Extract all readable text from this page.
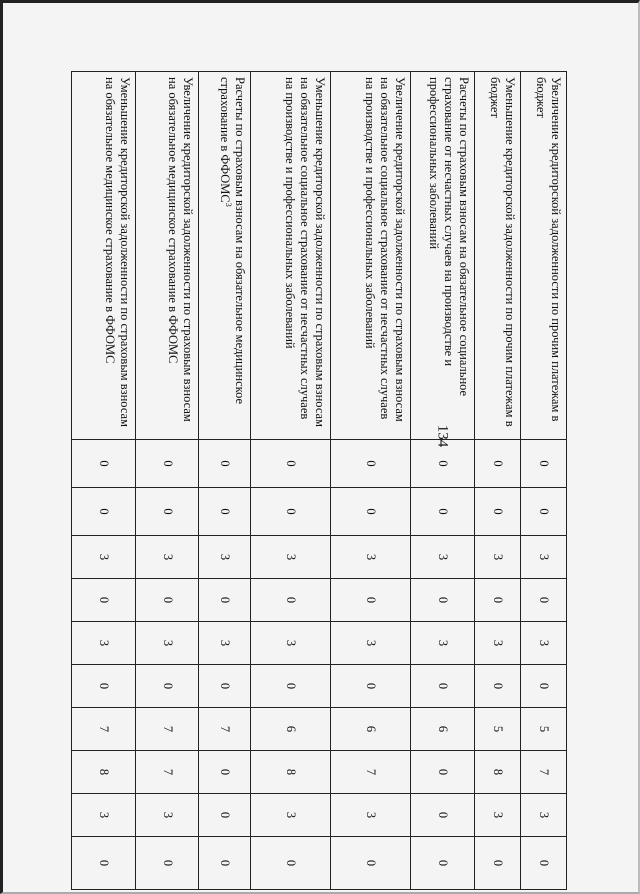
134
Увеличение кредиторской задолженности по прочим платежам в бюджет	0	0	3	0	3	0	5	7	3	0
Уменьшение кредиторской задолженности по прочим платежам в бюджет	0	0	3	0	3	0	5	8	3	0
Расчеты по страховым взносам на обязательное социальное страхование от несчастных случаев на производстве и профессиональных заболеваний	0	0	3	0	3	0	6	0	0	0
Увеличение кредиторской задолженности по страховым взносам на обязательное социальное страхование от несчастных случаев на производстве и профессиональных заболеваний	0	0	3	0	3	0	6	7	3	0
Уменьшение кредиторской задолженности по страховым взносам на обязательное социальное страхование от несчастных случаев на производстве и профессиональных заболеваний	0	0	3	0	3	0	6	8	3	0
Расчеты по страховым взносам на обязательное медицинское страхование в ФФОМС$^3$	0	0	3	0	3	0	7	0	0	0
Увеличение кредиторской задолженности по страховым взносам на обязательное медицинское страхование в ФФОМС	0	0	3	0	3	0	7	7	3	0
Уменьшение кредиторской задолженности по страховым взносам на обязательное медицинское страхование в ФФОМС	0	0	3	0	3	0	7	8	3	0
